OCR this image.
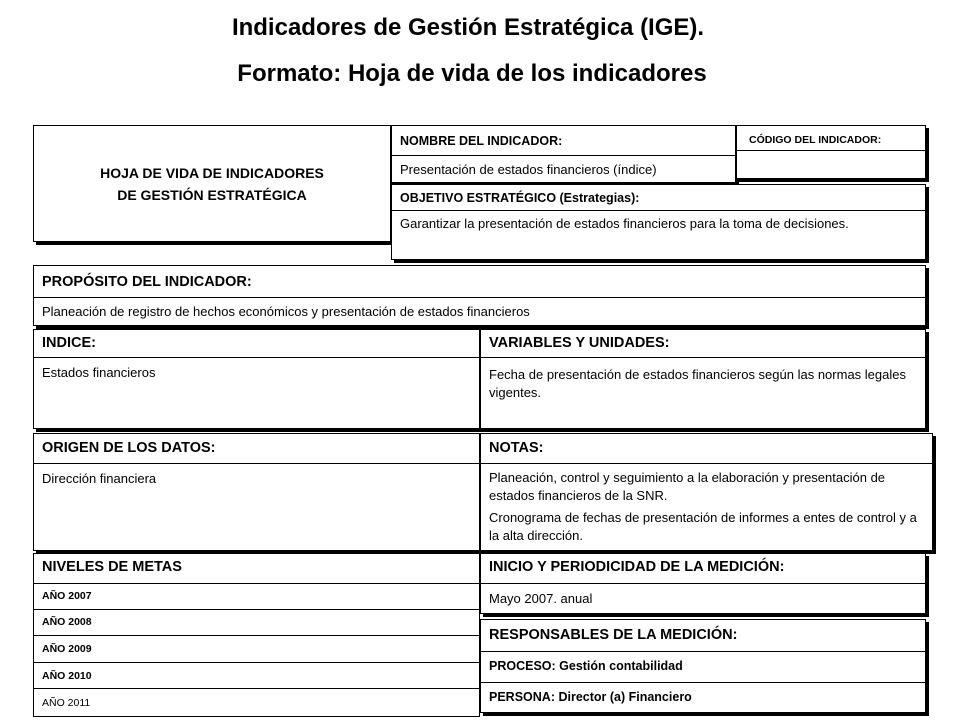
Indicadores de Gestión Estratégica (IGE).
Formato: Hoja de vida de los indicadores
HOJA DE VIDA DE INDICADORES
DE GESTIÓN ESTRATÉGICA
NOMBRE DEL INDICADOR:
Presentación de estados financieros (índice)
CÓDIGO DEL INDICADOR:
OBJETIVO ESTRATÉGICO (Estrategias):
Garantizar la presentación de estados financieros para la toma de decisiones.
PROPÓSITO DEL INDICADOR:
Planeación de registro de hechos económicos y presentación de estados financieros
INDICE:
Estados financieros
VARIABLES Y UNIDADES:
Fecha de presentación de estados financieros según las normas legales vigentes.
ORIGEN DE LOS DATOS:
Dirección financiera
NOTAS:
Planeación, control y seguimiento a la elaboración y presentación de estados financieros de la SNR.
Cronograma de fechas de presentación de informes a entes de control y a la alta dirección.
NIVELES DE METAS
AÑO 2007
AÑO 2008
AÑO 2009
AÑO 2010
AÑO 2011
INICIO Y PERIODICIDAD DE LA MEDICIÓN:
Mayo 2007. anual
RESPONSABLES DE LA MEDICIÓN:
PROCESO: Gestión contabilidad
PERSONA: Director (a) Financiero
